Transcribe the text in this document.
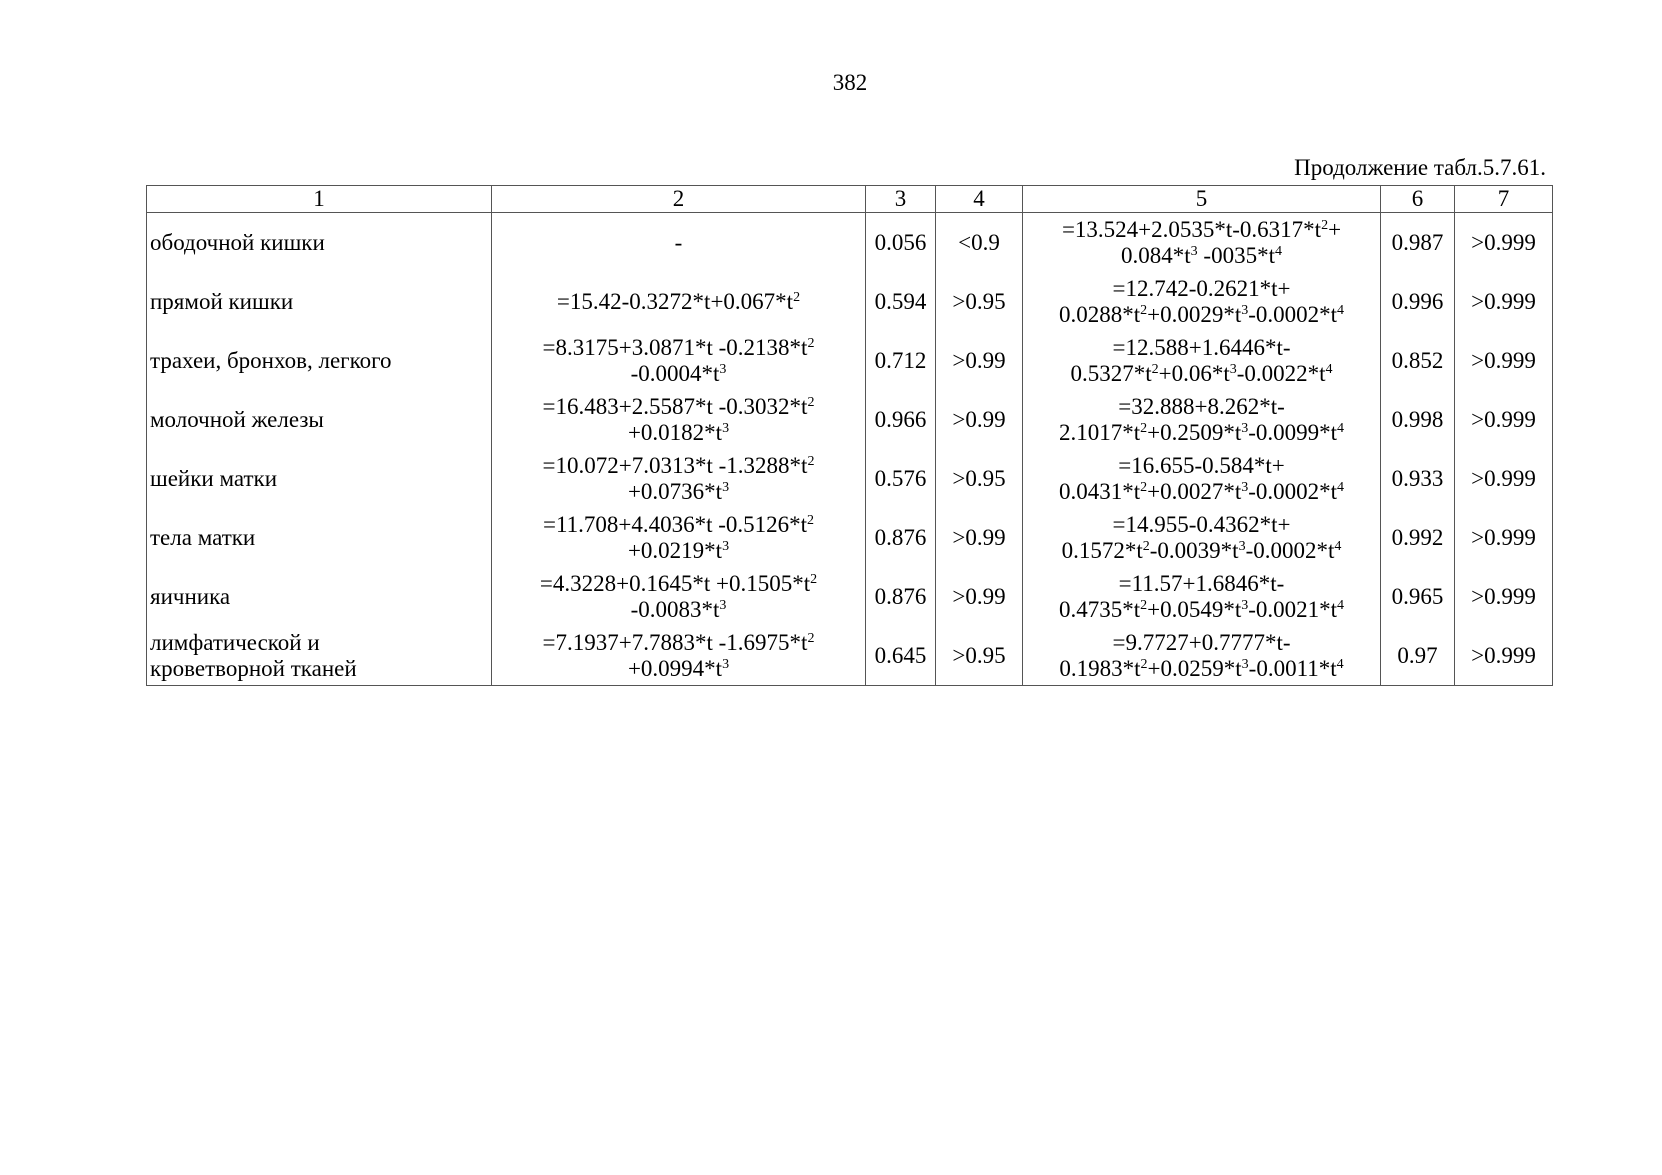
382
Продолжение табл.5.7.61.
1	2	3	4	5	6	7

ободочной кишки	-	0.056	<0.9	$=13.524+2.0535*t-0.6317*t^2+$
$0.084*t^3$ $-0035*t^4$	0.987	>0.999

прямой кишки	$=15.42-0.3272*t+0.067*t^2$	0.594	>0.95	=12.742-0.2621*t+
$0.0288*t^2+0.0029*t^3-0.0002*t^4$	0.996	>0.999

трахеи, бронхов, легкого	=8.3175+3.0871*t $-0.2138*t^2$
$-0.0004*t^3$	0.712	>0.99	=12.588+1.6446*t-
$0.5327*t^2+0.06*t^3-0.0022*t^4$	0.852	>0.999

молочной железы	=16.483+2.5587*t $-0.3032*t^2$
$+0.0182*t^3$	0.966	>0.99	=32.888+8.262*t-
$2.1017*t^2+0.2509*t^3-0.0099*t^4$	0.998	>0.999

шейки матки	=10.072+7.0313*t $-1.3288*t^2$
$+0.0736*t^3$	0.576	>0.95	=16.655-0.584*t+
$0.0431*t^2+0.0027*t^3-0.0002*t^4$	0.933	>0.999

тела матки	=11.708+4.4036*t $-0.5126*t^2$
$+0.0219*t^3$	0.876	>0.99	=14.955-0.4362*t+
$0.1572*t^2-0.0039*t^3-0.0002*t^4$	0.992	>0.999

яичника	$=4.3228+0.1645*t +0.1505*t^2$
$-0.0083*t^3$	0.876	>0.99	=11.57+1.6846*t-
$0.4735*t^2+0.0549*t^3-0.0021*t^4$	0.965	>0.999

лимфатической и
кроветворной тканей	=7.1937+7.7883*t $-1.6975*t^2$
$+0.0994*t^3$	0.645	>0.95	=9.7727+0.7777*t-
$0.1983*t^2+0.0259*t^3-0.0011*t^4$	0.97	>0.999
